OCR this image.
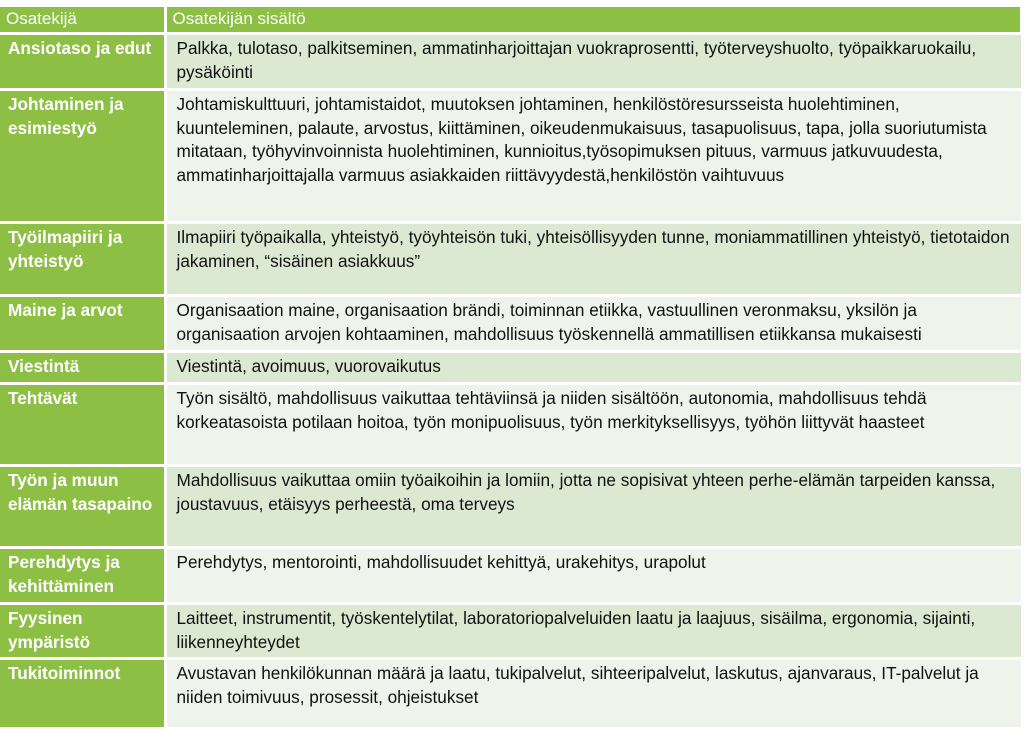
Osatekijä	Osatekijän sisältö
Ansiotaso ja edut	Palkka, tulotaso, palkitseminen, ammatinharjoittajan vuokraprosentti, työterveyshuolto, työpaikkaruokailu, pysäköinti
Johtaminen ja esimiestyö	Johtamiskulttuuri, johtamistaidot, muutoksen johtaminen, henkilöstöresursseista huolehtiminen, kuunteleminen, palaute, arvostus, kiittäminen, oikeudenmukaisuus, tasapuolisuus, tapa, jolla suoriutumista mitataan, työhyvinvoinnista huolehtiminen, kunnioitus,työsopimuksen pituus, varmuus jatkuvuudesta, ammatinharjoittajalla varmuus asiakkaiden riittävyydestä,henkilöstön vaihtuvuus
Työilmapiiri ja yhteistyö	Ilmapiiri työpaikalla, yhteistyö, työyhteisön tuki, yhteisöllisyyden tunne, moniammatillinen yhteistyö, tietotaidon jakaminen, “sisäinen asiakkuus”
Maine ja arvot	Organisaation maine, organisaation brändi, toiminnan etiikka, vastuullinen veronmaksu, yksilön ja organisaation arvojen kohtaaminen, mahdollisuus työskennellä ammatillisen etiikkansa mukaisesti
Viestintä	Viestintä, avoimuus, vuorovaikutus
Tehtävät	Työn sisältö, mahdollisuus vaikuttaa tehtäviinsä ja niiden sisältöön, autonomia, mahdollisuus tehdä korkeatasoista potilaan hoitoa, työn monipuolisuus, työn merkityksellisyys, työhön liittyvät haasteet
Työn ja muun elämän tasapaino	Mahdollisuus vaikuttaa omiin työaikoihin ja lomiin, jotta ne sopisivat yhteen perhe-elämän tarpeiden kanssa, joustavuus, etäisyys perheestä, oma terveys
Perehdytys ja kehittäminen	Perehdytys, mentorointi, mahdollisuudet kehittyä, urakehitys, urapolut
Fyysinen ympäristö	Laitteet, instrumentit, työskentelytilat, laboratoriopalveluiden laatu ja laajuus, sisäilma, ergonomia, sijainti, liikenneyhteydet
Tukitoiminnot	Avustavan henkilökunnan määrä ja laatu, tukipalvelut, sihteeripalvelut, laskutus, ajanvaraus, IT-palvelut ja niiden toimivuus, prosessit, ohjeistukset
